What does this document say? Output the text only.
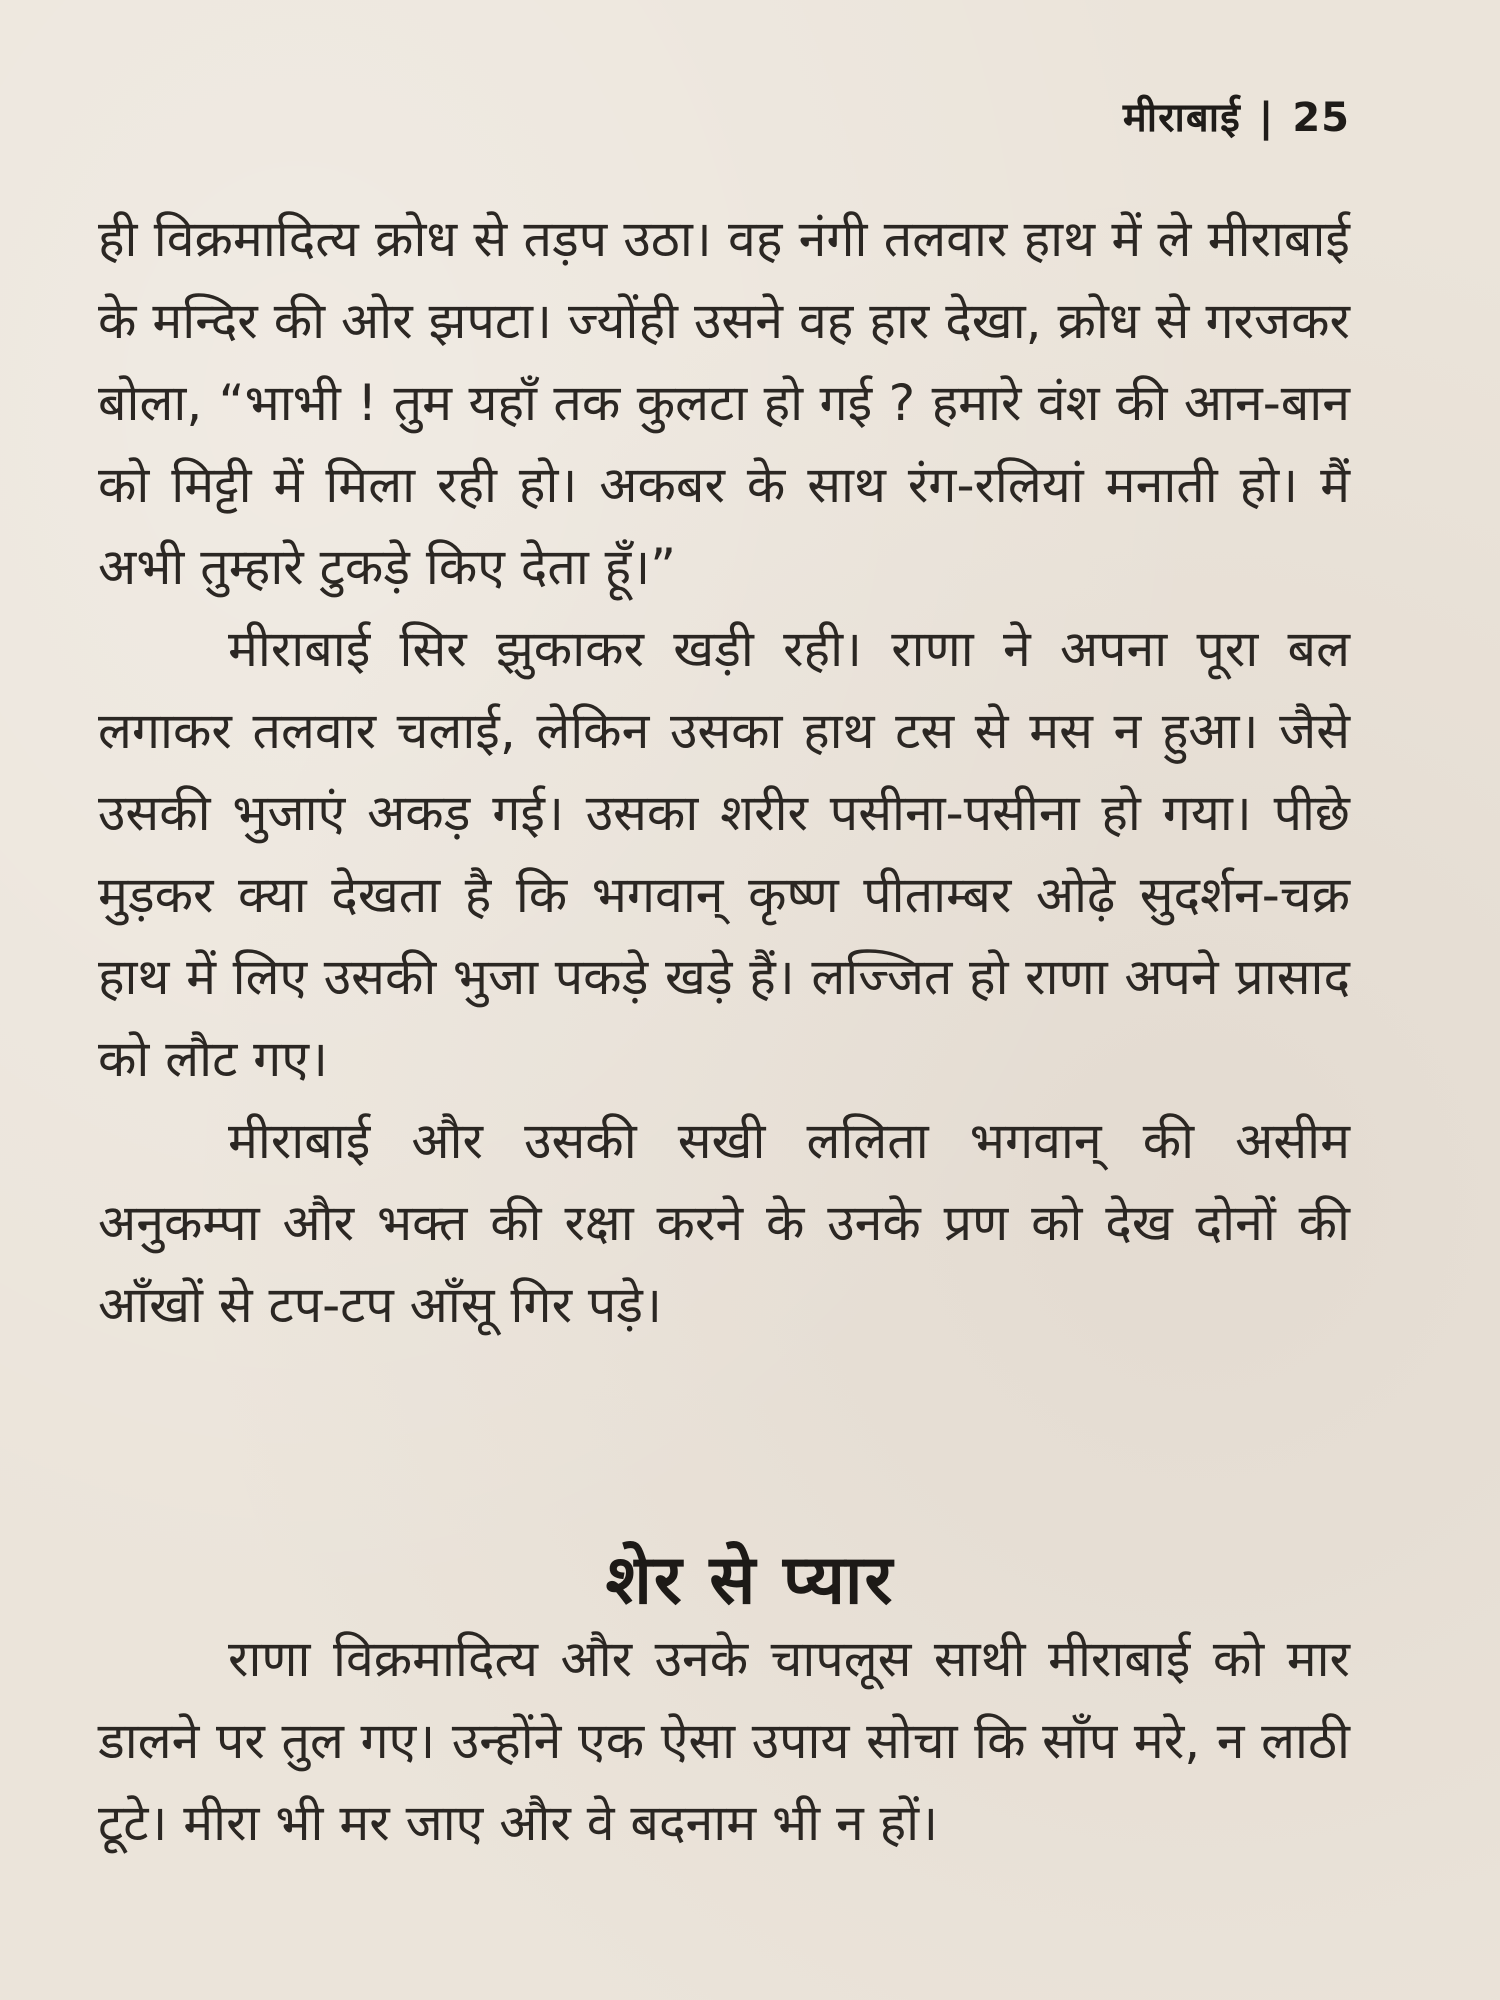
मीराबाई | 25

ही विक्रमादित्य क्रोध से तड़प उठा। वह नंगी तलवार हाथ में ले मीराबाई के मन्दिर की ओर झपटा। ज्योंही उसने वह हार देखा, क्रोध से गरजकर बोला, “भाभी ! तुम यहाँ तक कुलटा हो गई ? हमारे वंश की आन-बान को मिट्टी में मिला रही हो। अकबर के साथ रंग-रलियां मनाती हो। मैं अभी तुम्हारे टुकड़े किए देता हूँ।”

मीराबाई सिर झुकाकर खड़ी रही। राणा ने अपना पूरा बल लगाकर तलवार चलाई, लेकिन उसका हाथ टस से मस न हुआ। जैसे उसकी भुजाएं अकड़ गई। उसका शरीर पसीना-पसीना हो गया। पीछे मुड़कर क्या देखता है कि भगवान् कृष्ण पीताम्बर ओढ़े सुदर्शन-चक्र हाथ में लिए उसकी भुजा पकड़े खड़े हैं। लज्जित हो राणा अपने प्रासाद को लौट गए।

मीराबाई और उसकी सखी ललिता भगवान् की असीम अनुकम्पा और भक्त की रक्षा करने के उनके प्रण को देख दोनों की आँखों से टप-टप आँसू गिर पड़े।

शेर से प्यार

राणा विक्रमादित्य और उनके चापलूस साथी मीराबाई को मार डालने पर तुल गए। उन्होंने एक ऐसा उपाय सोचा कि साँप मरे, न लाठी टूटे। मीरा भी मर जाए और वे बदनाम भी न हों।
